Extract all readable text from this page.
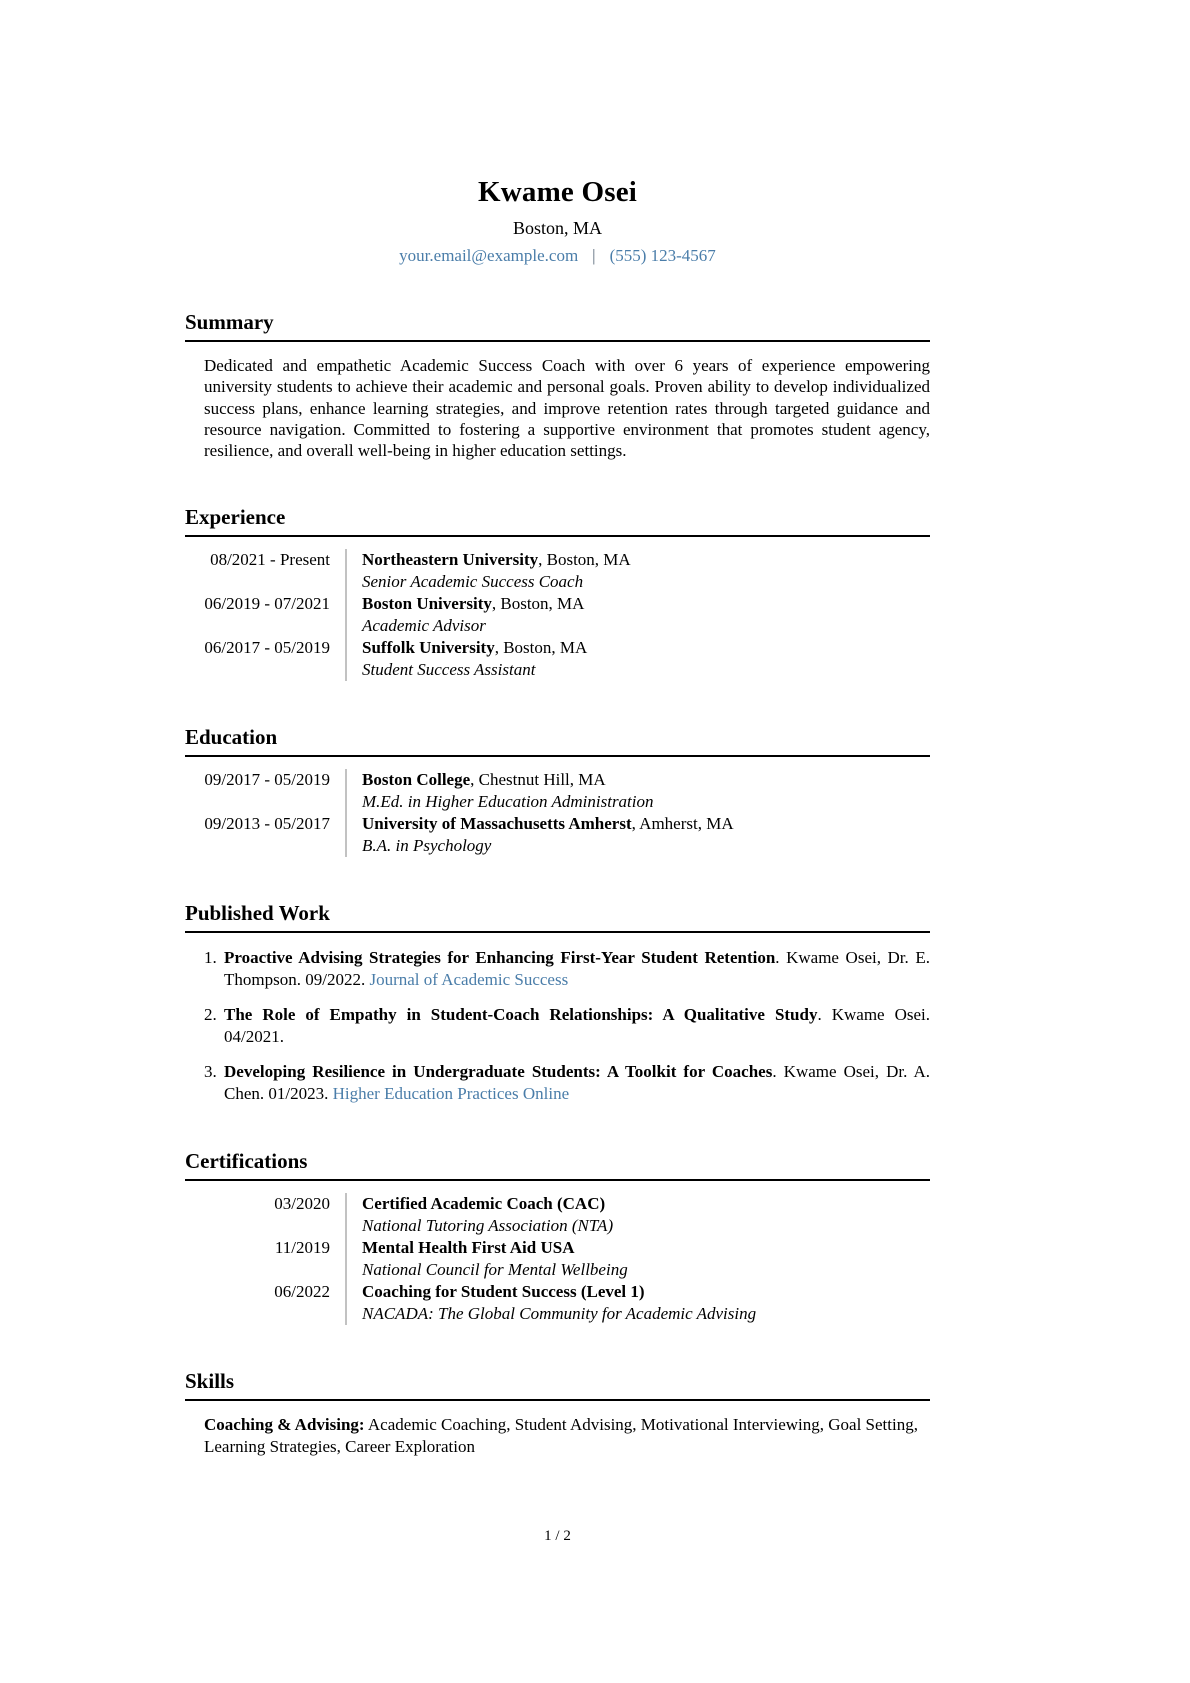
Kwame Osei
Boston, MA
your.email@example.com | (555) 123-4567
Summary

Dedicated and empathetic Academic Success Coach with over 6 years of experience empowering university students to achieve their academic and personal goals. Proven ability to develop individualized success plans, enhance learning strategies, and improve retention rates through targeted guidance and resource navigation. Committed to fostering a supportive environment that promotes student agency, resilience, and overall well-being in higher education settings.

Experience
08/2021 - Present	Northeastern University, Boston, MA
Senior Academic Success Coach
06/2019 - 07/2021	Boston University, Boston, MA
Academic Advisor
06/2017 - 05/2019	Suffolk University, Boston, MA
Student Success Assistant
Education
09/2017 - 05/2019	Boston College, Chestnut Hill, MA
M.Ed. in Higher Education Administration
09/2013 - 05/2017	University of Massachusetts Amherst, Amherst, MA
B.A. in Psychology
Published Work
1. Proactive Advising Strategies for Enhancing First-Year Student Retention. Kwame Osei, Dr. E. Thompson. 09/2022. Journal of Academic Success
2. The Role of Empathy in Student-Coach Relationships: A Qualitative Study. Kwame Osei. 04/2021.
3. Developing Resilience in Undergraduate Students: A Toolkit for Coaches. Kwame Osei, Dr. A. Chen. 01/2023. Higher Education Practices Online
Certifications
03/2020	Certified Academic Coach (CAC)
National Tutoring Association (NTA)
11/2019	Mental Health First Aid USA
National Council for Mental Wellbeing
06/2022	Coaching for Student Success (Level 1)
NACADA: The Global Community for Academic Advising
Skills

Coaching & Advising: Academic Coaching, Student Advising, Motivational Interviewing, Goal Setting, Learning Strategies, Career Exploration

1 / 2
